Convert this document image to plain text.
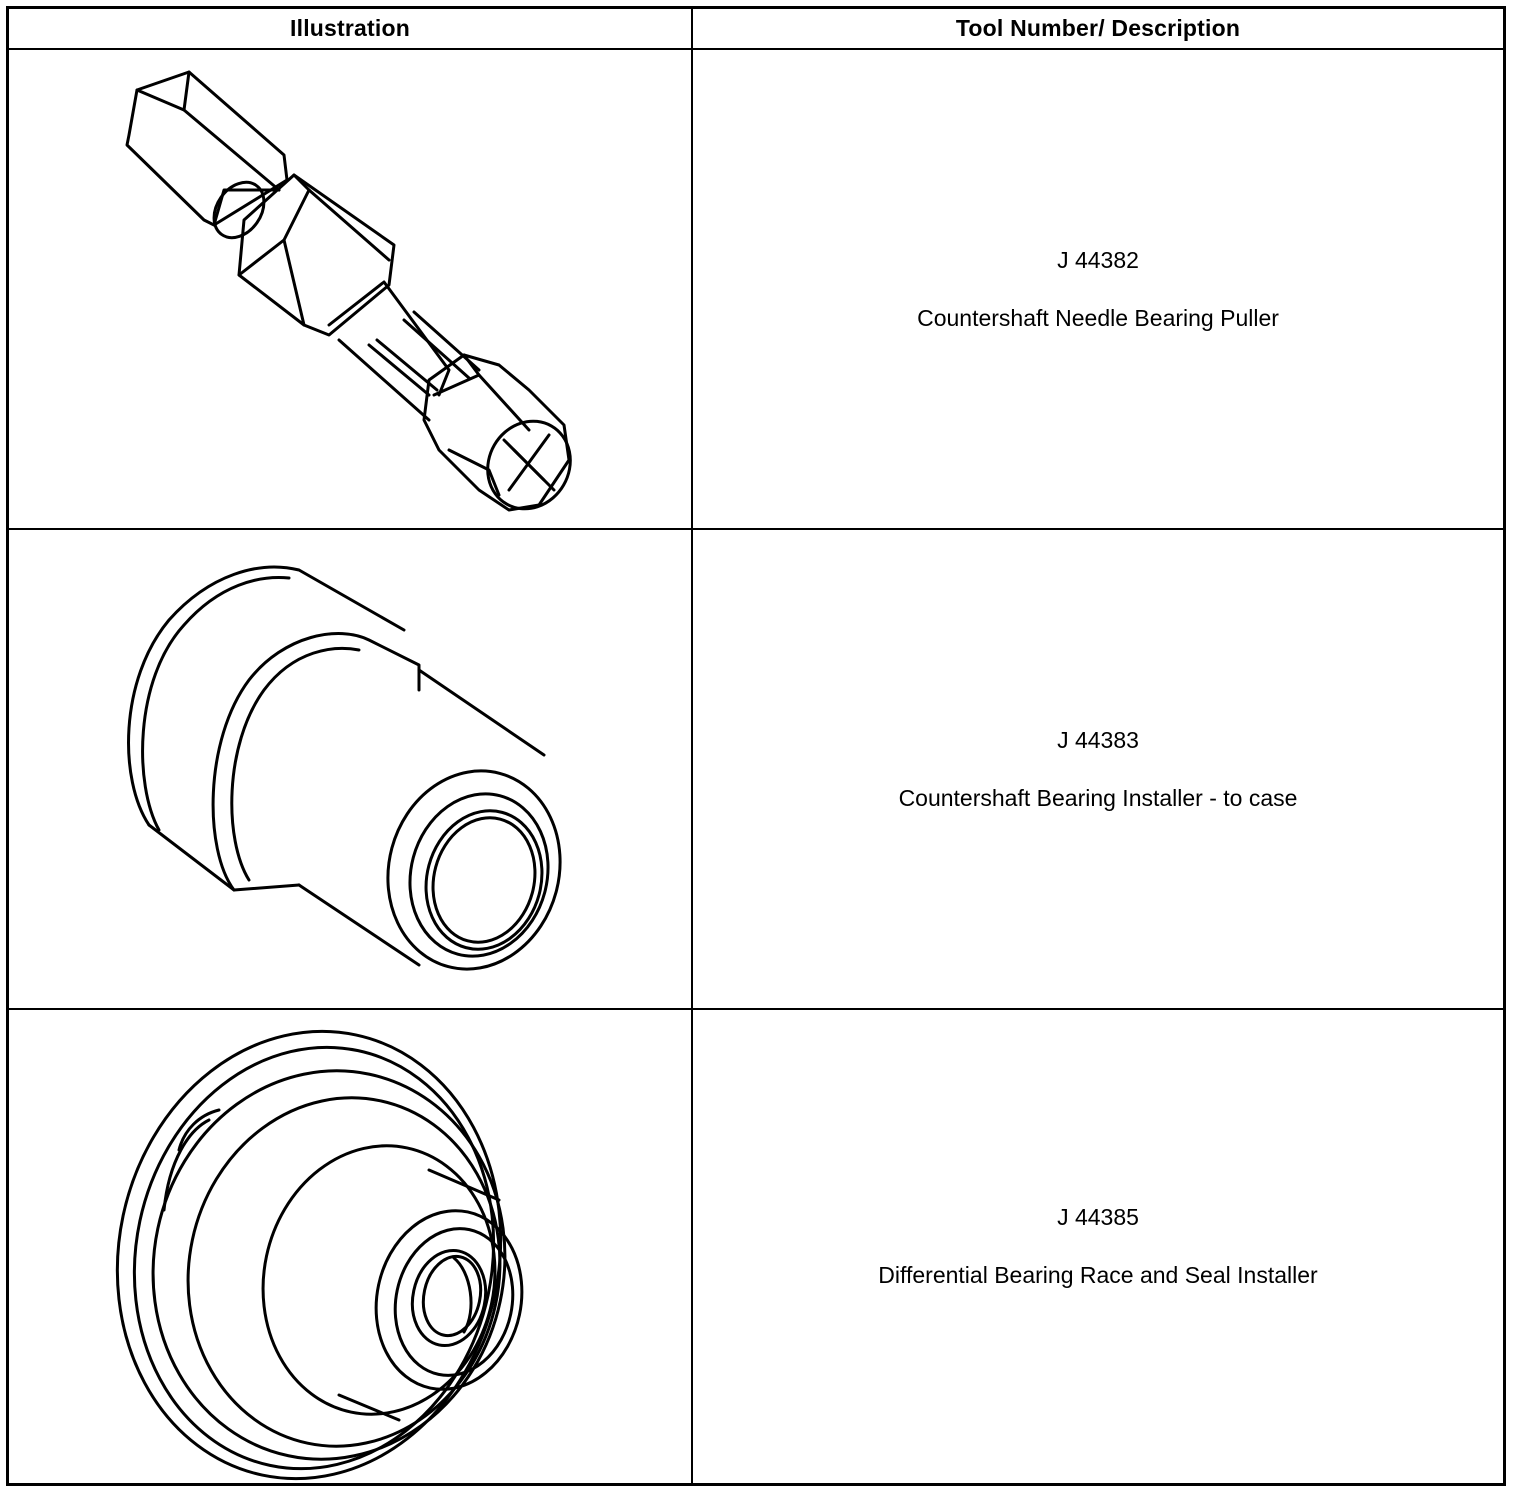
Illustration	Tool Number/ Description
J 44382
Countershaft Needle Bearing Puller
J 44383
Countershaft Bearing Installer - to case
J 44385
Differential Bearing Race and Seal Installer
